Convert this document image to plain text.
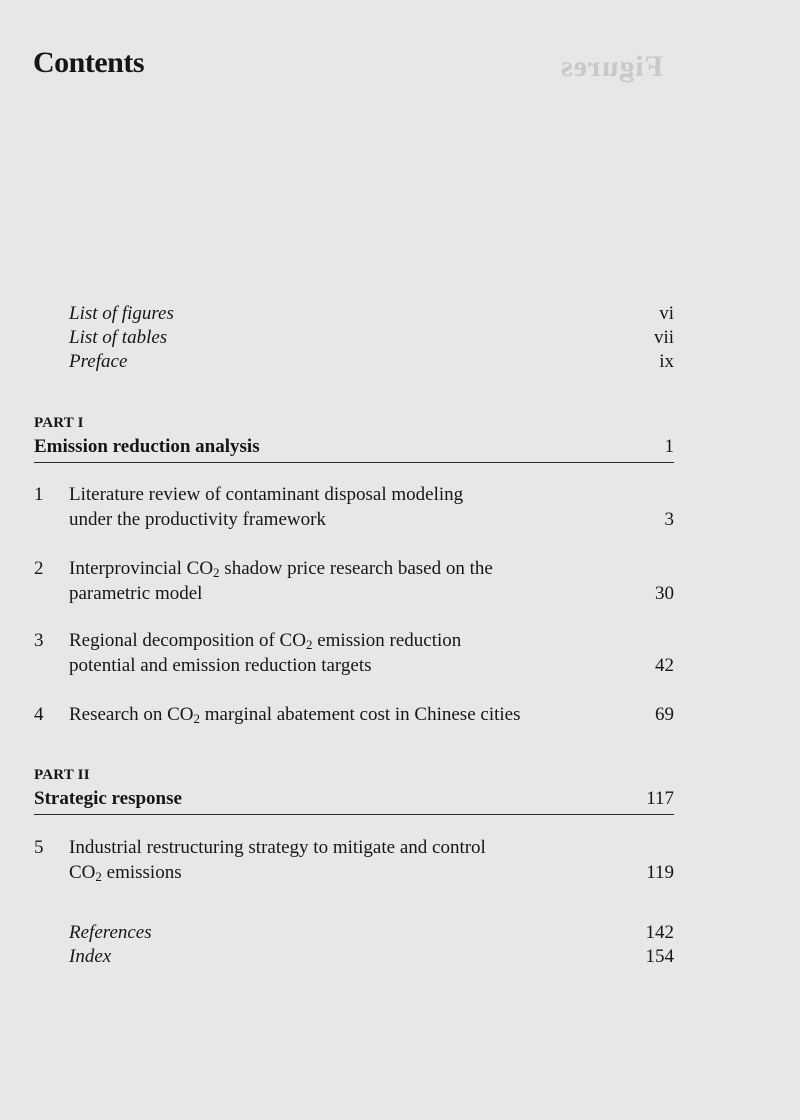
Figures
Contents
List of figures	vi
List of tables	vii
Preface	ix
PART I
Emission reduction analysis	1
1 Literature review of contaminant disposal modeling
under the productivity framework	3
2 Interprovincial $CO_2$ shadow price research based on the
parametric model	30
3 Regional decomposition of $CO_2$ emission reduction
potential and emission reduction targets	42
4 Research on $CO_2$ marginal abatement cost in Chinese cities	69
PART II
Strategic response	117
5 Industrial restructuring strategy to mitigate and control
$CO_2$ emissions	119
References	142
Index	154
